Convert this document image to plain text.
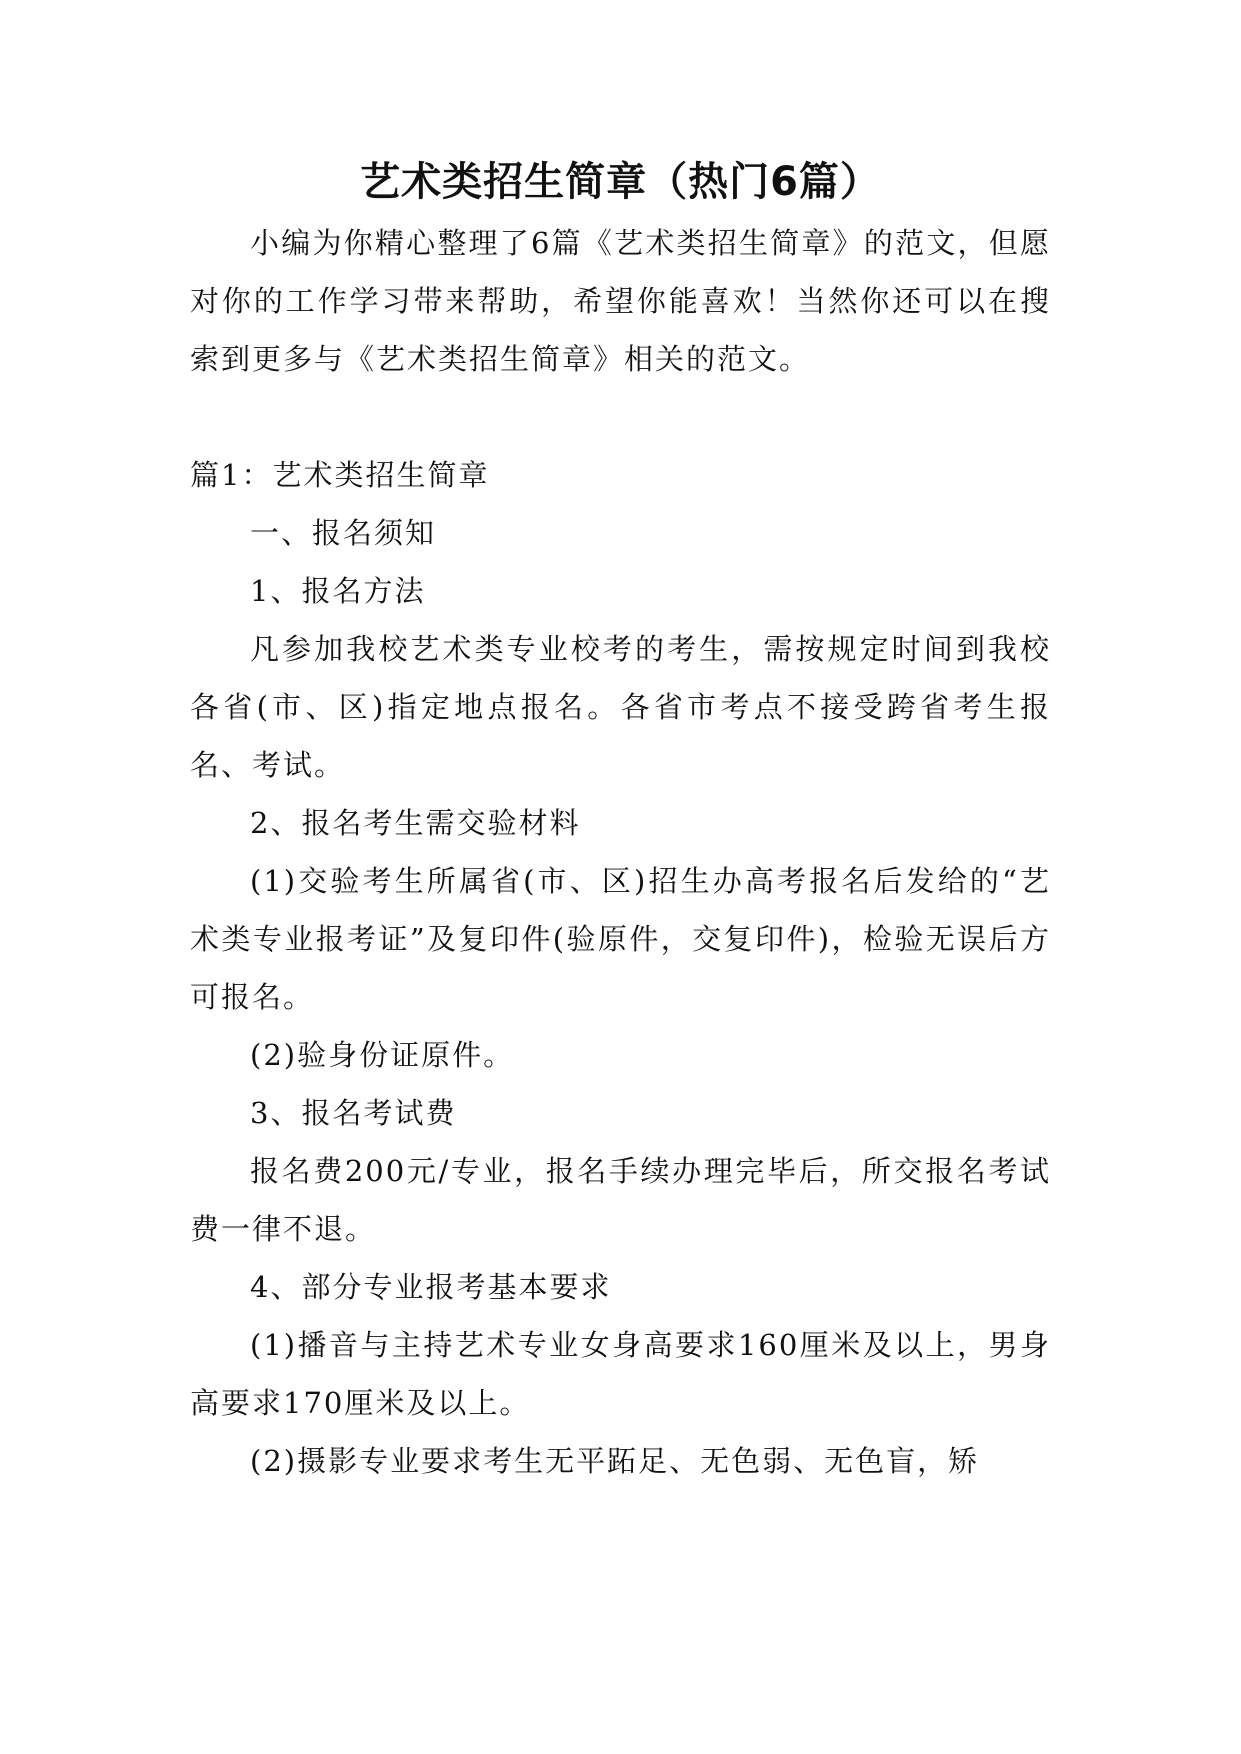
艺术类招生简章（热门6篇）

小编为你精心整理了6篇《艺术类招生简章》的范文，但愿对你的工作学习带来帮助，希望你能喜欢！当然你还可以在搜索到更多与《艺术类招生简章》相关的范文。

篇1：艺术类招生简章

一、报名须知

1、报名方法

凡参加我校艺术类专业校考的考生，需按规定时间到我校各省(市、区)指定地点报名。各省市考点不接受跨省考生报名、考试。

2、报名考生需交验材料

(1)交验考生所属省(市、区)招生办高考报名后发给的“艺术类专业报考证”及复印件(验原件，交复印件)，检验无误后方可报名。

(2)验身份证原件。

3、报名考试费

报名费200元/专业，报名手续办理完毕后，所交报名考试费一律不退。

4、部分专业报考基本要求

(1)播音与主持艺术专业女身高要求160厘米及以上，男身高要求170厘米及以上。

(2)摄影专业要求考生无平跖足、无色弱、无色盲，矫
